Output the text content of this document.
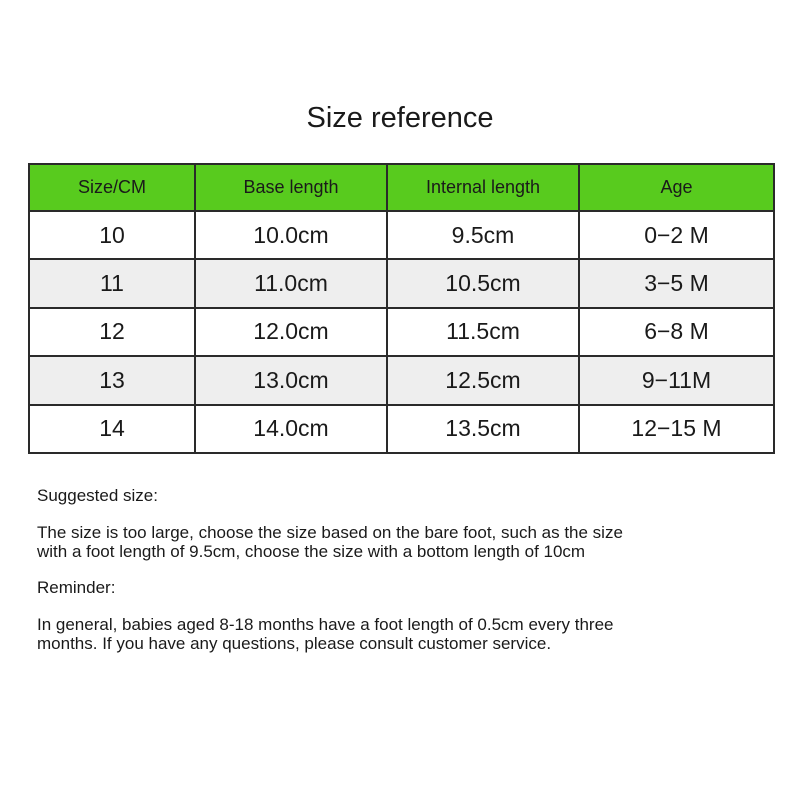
Size reference
Size/CM	Base length	Internal length	Age
10	10.0cm	9.5cm	0−2 M
11	11.0cm	10.5cm	3−5 M
12	12.0cm	11.5cm	6−8 M
13	13.0cm	12.5cm	9−11M
14	14.0cm	13.5cm	12−15 M

Suggested size:

The size is too large, choose the size based on the bare foot, such as the size with a foot length of 9.5cm, choose the size with a bottom length of 10cm

Reminder:

In general, babies aged 8-18 months have a foot length of 0.5cm every three months. If you have any questions, please consult customer service.
